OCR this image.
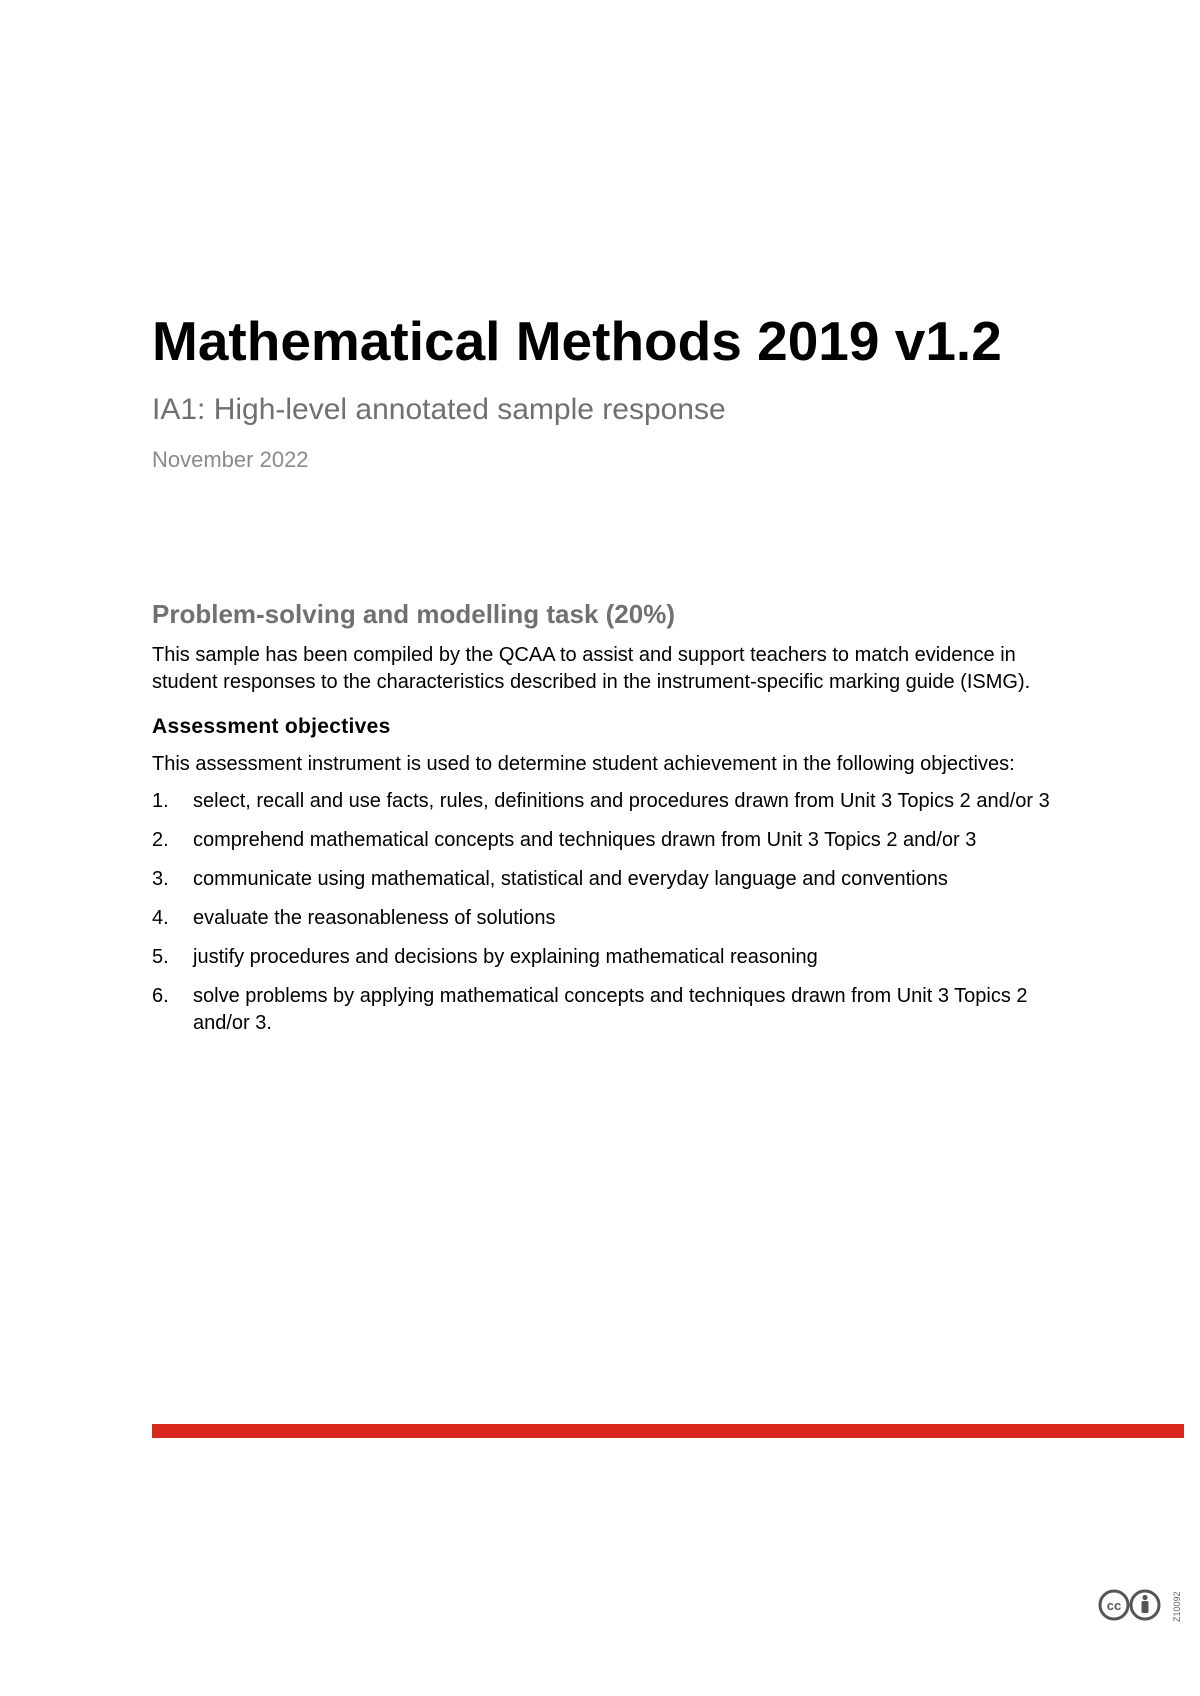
Mathematical Methods 2019 v1.2

IA1: High-level annotated sample response

November 2022

Problem-solving and modelling task (20%)

This sample has been compiled by the QCAA to assist and support teachers to match evidence in student responses to the characteristics described in the instrument-specific marking guide (ISMG).

Assessment objectives

This assessment instrument is used to determine student achievement in the following objectives:

1. select, recall and use facts, rules, definitions and procedures drawn from Unit 3 Topics 2 and/or 3
2. comprehend mathematical concepts and techniques drawn from Unit 3 Topics 2 and/or 3
3. communicate using mathematical, statistical and everyday language and conventions
4. evaluate the reasonableness of solutions
5. justify procedures and decisions by explaining mathematical reasoning
6. solve problems by applying mathematical concepts and techniques drawn from Unit 3 Topics 2 and/or 3.
cc	Z10092
